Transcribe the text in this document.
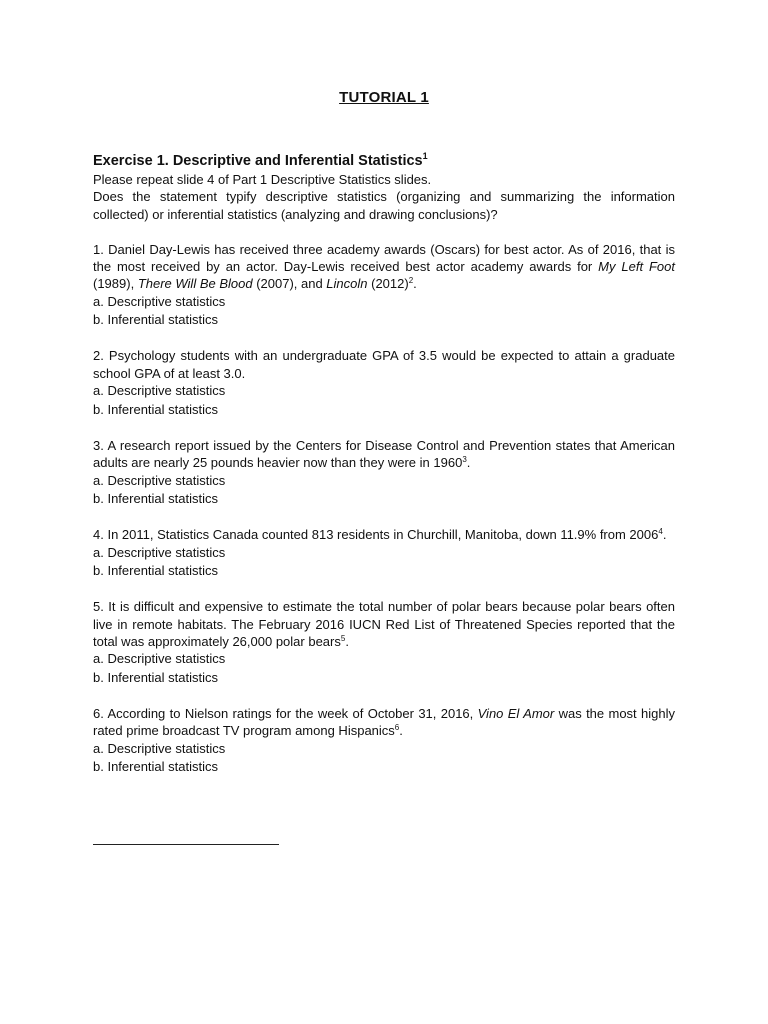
TUTORIAL 1
Exercise 1. Descriptive and Inferential Statistics$^1$

Please repeat slide 4 of Part 1 Descriptive Statistics slides.

Does the statement typify descriptive statistics (organizing and summarizing the information collected) or inferential statistics (analyzing and drawing conclusions)?

1. Daniel Day-Lewis has received three academy awards (Oscars) for best actor. As of 2016, that is the most received by an actor. Day-Lewis received best actor academy awards for My Left Foot (1989), There Will Be Blood (2007), and Lincoln $(2012)^2$.

a. Descriptive statistics
b. Inferential statistics

2. Psychology students with an undergraduate GPA of 3.5 would be expected to attain a graduate school GPA of at least 3.0.

a. Descriptive statistics
b. Inferential statistics

3. A research report issued by the Centers for Disease Control and Prevention states that American adults are nearly 25 pounds heavier now than they were in 1960$^3$.

a. Descriptive statistics
b. Inferential statistics

4. In 2011, Statistics Canada counted 813 residents in Churchill, Manitoba, down 11.9% from 2006$^4$.

a. Descriptive statistics
b. Inferential statistics

5. It is difficult and expensive to estimate the total number of polar bears because polar bears often live in remote habitats. The February 2016 IUCN Red List of Threatened Species reported that the total was approximately 26,000 polar bears$^5$.

a. Descriptive statistics
b. Inferential statistics

6. According to Nielson ratings for the week of October 31, 2016, Vino El Amor was the most highly rated prime broadcast TV program among Hispanics$^6$.

a. Descriptive statistics
b. Inferential statistics
